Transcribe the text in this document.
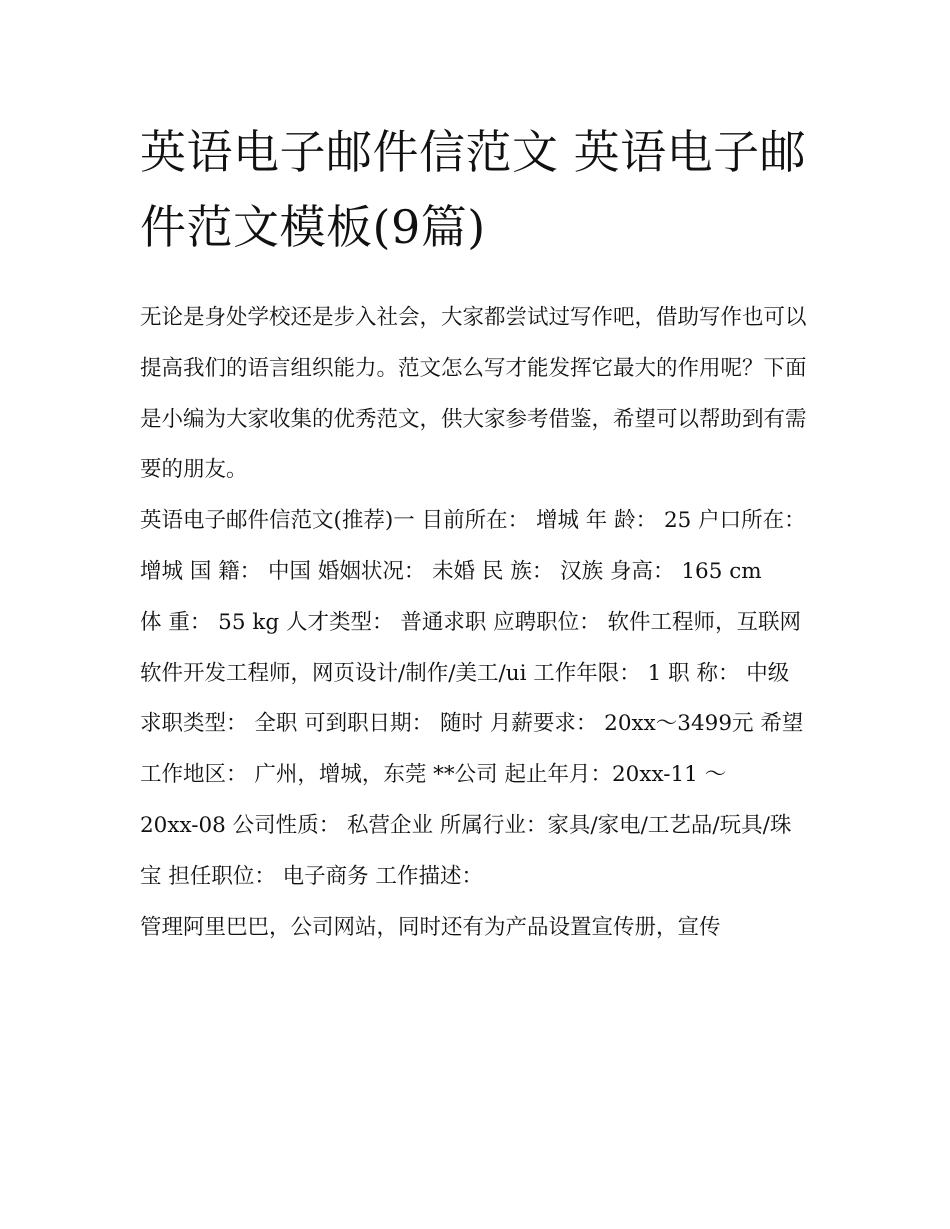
英语电子邮件信范文 英语电子邮件范文模板(9篇)

无论是身处学校还是步入社会，大家都尝试过写作吧，借助写作也可以提高我们的语言组织能力。范文怎么写才能发挥它最大的作用呢？下面是小编为大家收集的优秀范文，供大家参考借鉴，希望可以帮助到有需要的朋友。

英语电子邮件信范文(推荐)一 目前所在： 增城 年 龄： 25 户口所在： 增城 国 籍： 中国 婚姻状况： 未婚 民 族： 汉族 身高： 165 cm

体 重： 55 kg 人才类型： 普通求职 应聘职位： 软件工程师，互联网软件开发工程师，网页设计/制作/美工/ui 工作年限： 1 职 称： 中级

求职类型： 全职 可到职日期： 随时 月薪要求： 20xx～3499元 希望工作地区： 广州，增城，东莞 **公司 起止年月：20xx-11 ～

20xx-08 公司性质： 私营企业 所属行业：家具/家电/工艺品/玩具/珠宝 担任职位： 电子商务 工作描述：

管理阿里巴巴，公司网站，同时还有为产品设置宣传册，宣传
